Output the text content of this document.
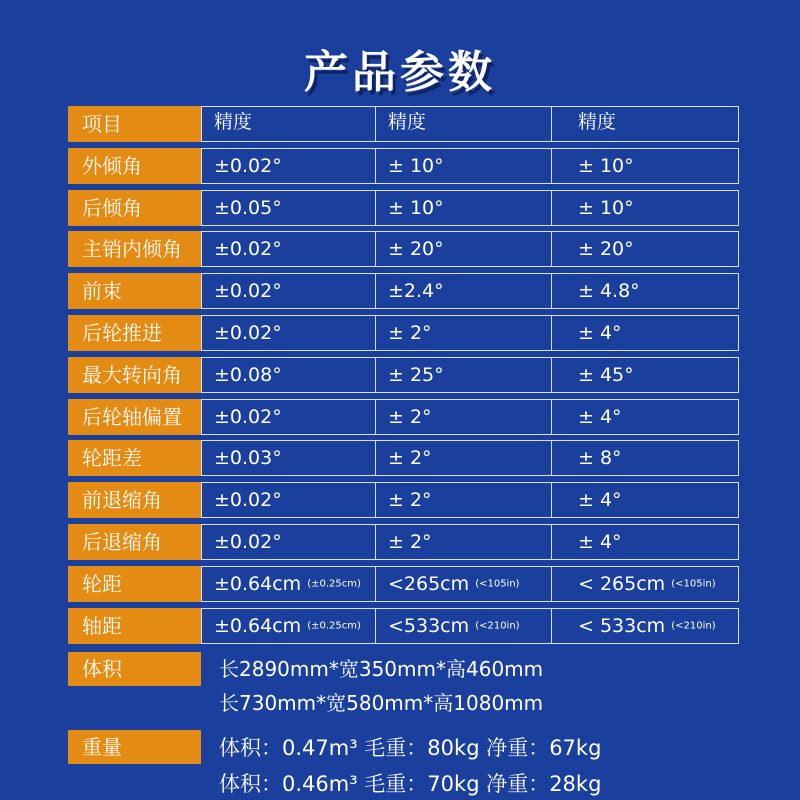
产品参数
项目	精度	精度	精度
外倾角	±0.02°	± 10°	± 10°
后倾角	±0.05°	± 10°	± 10°
主销内倾角	±0.02°	± 20°	± 20°
前束	±0.02°	±2.4°	± 4.8°
后轮推进	±0.02°	± 2°	± 4°
最大转向角	±0.08°	± 25°	± 45°
后轮轴偏置	±0.02°	± 2°	± 4°
轮距差	±0.03°	± 2°	± 8°
前退缩角	±0.02°	± 2°	± 4°
后退缩角	±0.02°	± 2°	± 4°
轮距	±0.64cm (±0.25cm)	<265cm (<105in)	< 265cm (<105in)
轴距	±0.64cm (±0.25cm)	<533cm (<210in)	< 533cm (<210in)
体积	长2890mm*宽350mm*高460mm
长730mm*宽580mm*高1080mm
重量	体积：0.47m³ 毛重：80kg 净重：67kg
体积：0.46m³ 毛重：70kg 净重：28kg
